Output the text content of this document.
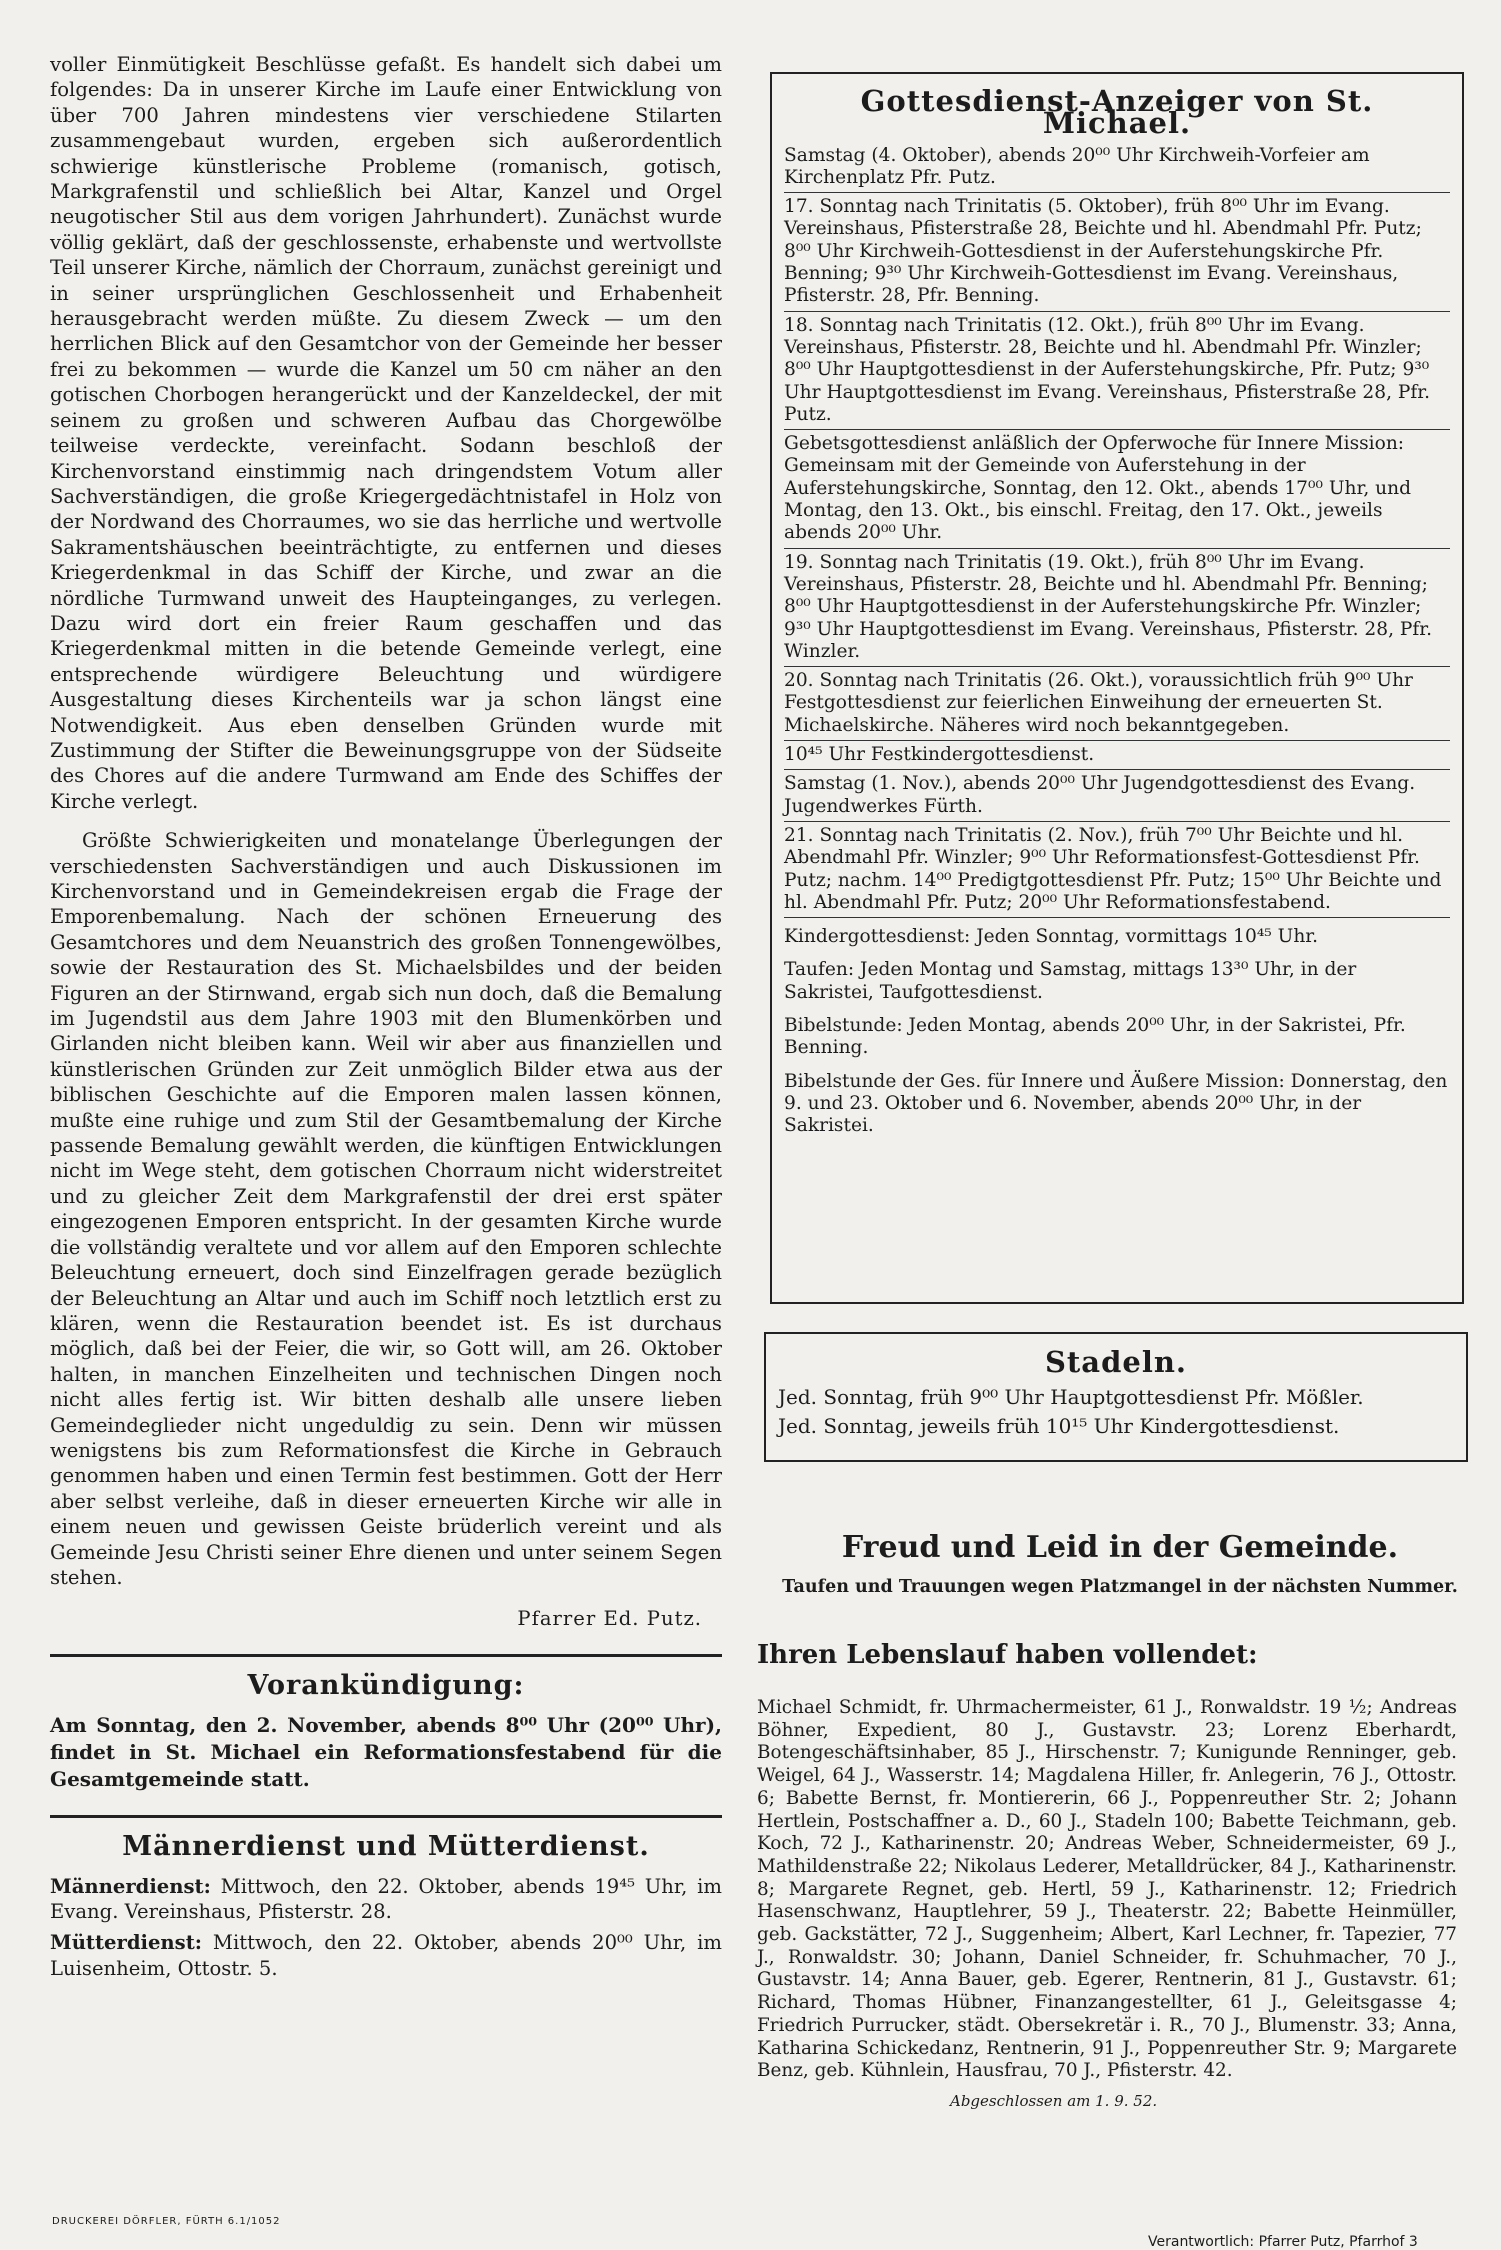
voller Einmütigkeit Beschlüsse gefaßt. Es handelt sich dabei um folgendes: Da in unserer Kirche im Laufe einer Entwicklung von über 700 Jahren mindestens vier verschiedene Stilarten zusammengebaut wurden, ergeben sich außerordentlich schwierige künstlerische Probleme (romanisch, gotisch, Markgrafenstil und schließlich bei Altar, Kanzel und Orgel neugotischer Stil aus dem vorigen Jahrhundert). Zunächst wurde völlig geklärt, daß der geschlossenste, erhabenste und wertvollste Teil unserer Kirche, nämlich der Chorraum, zunächst gereinigt und in seiner ursprünglichen Geschlossenheit und Erhabenheit herausgebracht werden müßte. Zu diesem Zweck — um den herrlichen Blick auf den Gesamtchor von der Gemeinde her besser frei zu bekommen — wurde die Kanzel um 50 cm näher an den gotischen Chorbogen herangerückt und der Kanzeldeckel, der mit seinem zu großen und schweren Aufbau das Chorgewölbe teilweise verdeckte, vereinfacht. Sodann beschloß der Kirchenvorstand einstimmig nach dringendstem Votum aller Sachverständigen, die große Kriegergedächtnistafel in Holz von der Nordwand des Chorraumes, wo sie das herrliche und wertvolle Sakramentshäuschen beeinträchtigte, zu entfernen und dieses Kriegerdenkmal in das Schiff der Kirche, und zwar an die nördliche Turmwand unweit des Haupteinganges, zu verlegen. Dazu wird dort ein freier Raum geschaffen und das Kriegerdenkmal mitten in die betende Gemeinde verlegt, eine entsprechende würdigere Beleuchtung und würdigere Ausgestaltung dieses Kirchenteils war ja schon längst eine Notwendigkeit. Aus eben denselben Gründen wurde mit Zustimmung der Stifter die Beweinungsgruppe von der Südseite des Chores auf die andere Turmwand am Ende des Schiffes der Kirche verlegt.

Größte Schwierigkeiten und monatelange Überlegungen der verschiedensten Sachverständigen und auch Diskussionen im Kirchenvorstand und in Gemeindekreisen ergab die Frage der Emporenbemalung. Nach der schönen Erneuerung des Gesamtchores und dem Neuanstrich des großen Tonnengewölbes, sowie der Restauration des St. Michaelsbildes und der beiden Figuren an der Stirnwand, ergab sich nun doch, daß die Bemalung im Jugendstil aus dem Jahre 1903 mit den Blumenkörben und Girlanden nicht bleiben kann. Weil wir aber aus finanziellen und künstlerischen Gründen zur Zeit unmöglich Bilder etwa aus der biblischen Geschichte auf die Emporen malen lassen können, mußte eine ruhige und zum Stil der Gesamtbemalung der Kirche passende Bemalung gewählt werden, die künftigen Entwicklungen nicht im Wege steht, dem gotischen Chorraum nicht widerstreitet und zu gleicher Zeit dem Markgrafenstil der drei erst später eingezogenen Emporen entspricht. In der gesamten Kirche wurde die vollständig veraltete und vor allem auf den Emporen schlechte Beleuchtung erneuert, doch sind Einzelfragen gerade bezüglich der Beleuchtung an Altar und auch im Schiff noch letztlich erst zu klären, wenn die Restauration beendet ist. Es ist durchaus möglich, daß bei der Feier, die wir, so Gott will, am 26. Oktober halten, in manchen Einzelheiten und technischen Dingen noch nicht alles fertig ist. Wir bitten deshalb alle unsere lieben Gemeindeglieder nicht ungeduldig zu sein. Denn wir müssen wenigstens bis zum Reformationsfest die Kirche in Gebrauch genommen haben und einen Termin fest bestimmen. Gott der Herr aber selbst verleihe, daß in dieser erneuerten Kirche wir alle in einem neuen und gewissen Geiste brüderlich vereint und als Gemeinde Jesu Christi seiner Ehre dienen und unter seinem Segen stehen.

Pfarrer Ed. Putz.
Vorankündigung:
Am Sonntag, den 2. November, abends 8⁰⁰ Uhr (20⁰⁰ Uhr), findet in St. Michael ein Reformationsfestabend für die Gesamtgemeinde statt.
Männerdienst und Mütterdienst.
Männerdienst: Mittwoch, den 22. Oktober, abends 19⁴⁵ Uhr, im Evang. Vereinshaus, Pfisterstr. 28.
Mütterdienst: Mittwoch, den 22. Oktober, abends 20⁰⁰ Uhr, im Luisenheim, Ottostr. 5.
Gottesdienst-Anzeiger von St. Michael.
Samstag (4. Oktober), abends 20⁰⁰ Uhr Kirchweih-Vorfeier am Kirchenplatz Pfr. Putz.
17. Sonntag nach Trinitatis (5. Oktober), früh 8⁰⁰ Uhr im Evang. Vereinshaus, Pfisterstraße 28, Beichte und hl. Abendmahl Pfr. Putz; 8⁰⁰ Uhr Kirchweih-Gottesdienst in der Auferstehungskirche Pfr. Benning; 9³⁰ Uhr Kirchweih-Gottesdienst im Evang. Vereinshaus, Pfisterstr. 28, Pfr. Benning.
18. Sonntag nach Trinitatis (12. Okt.), früh 8⁰⁰ Uhr im Evang. Vereinshaus, Pfisterstr. 28, Beichte und hl. Abendmahl Pfr. Winzler; 8⁰⁰ Uhr Hauptgottesdienst in der Auferstehungskirche, Pfr. Putz; 9³⁰ Uhr Hauptgottesdienst im Evang. Vereinshaus, Pfisterstraße 28, Pfr. Putz.
Gebetsgottesdienst anläßlich der Opferwoche für Innere Mission: Gemeinsam mit der Gemeinde von Auferstehung in der Auferstehungskirche, Sonntag, den 12. Okt., abends 17⁰⁰ Uhr, und Montag, den 13. Okt., bis einschl. Freitag, den 17. Okt., jeweils abends 20⁰⁰ Uhr.
19. Sonntag nach Trinitatis (19. Okt.), früh 8⁰⁰ Uhr im Evang. Vereinshaus, Pfisterstr. 28, Beichte und hl. Abendmahl Pfr. Benning; 8⁰⁰ Uhr Hauptgottesdienst in der Auferstehungskirche Pfr. Winzler; 9³⁰ Uhr Hauptgottesdienst im Evang. Vereinshaus, Pfisterstr. 28, Pfr. Winzler.
20. Sonntag nach Trinitatis (26. Okt.), voraussichtlich früh 9⁰⁰ Uhr Festgottesdienst zur feierlichen Einweihung der erneuerten St. Michaelskirche. Näheres wird noch bekanntgegeben.
10⁴⁵ Uhr Festkindergottesdienst.
Samstag (1. Nov.), abends 20⁰⁰ Uhr Jugendgottesdienst des Evang. Jugendwerkes Fürth.
21. Sonntag nach Trinitatis (2. Nov.), früh 7⁰⁰ Uhr Beichte und hl. Abendmahl Pfr. Winzler; 9⁰⁰ Uhr Reformationsfest-Gottesdienst Pfr. Putz; nachm. 14⁰⁰ Predigtgottesdienst Pfr. Putz; 15⁰⁰ Uhr Beichte und hl. Abendmahl Pfr. Putz; 20⁰⁰ Uhr Reformationsfestabend.
Kindergottesdienst: Jeden Sonntag, vormittags 10⁴⁵ Uhr.
Taufen: Jeden Montag und Samstag, mittags 13³⁰ Uhr, in der Sakristei, Taufgottesdienst.
Bibelstunde: Jeden Montag, abends 20⁰⁰ Uhr, in der Sakristei, Pfr. Benning.
Bibelstunde der Ges. für Innere und Äußere Mission: Donnerstag, den 9. und 23. Oktober und 6. November, abends 20⁰⁰ Uhr, in der Sakristei.
Stadeln.
Jed. Sonntag, früh 9⁰⁰ Uhr Hauptgottesdienst Pfr. Mößler.
Jed. Sonntag, jeweils früh 10¹⁵ Uhr Kindergottesdienst.
Freud und Leid in der Gemeinde.
Taufen und Trauungen wegen Platzmangel in der nächsten Nummer.
Ihren Lebenslauf haben vollendet:
Michael Schmidt, fr. Uhrmachermeister, 61 J., Ronwaldstr. 19 ½; Andreas Böhner, Expedient, 80 J., Gustavstr. 23; Lorenz Eberhardt, Botengeschäftsinhaber, 85 J., Hirschenstr. 7; Kunigunde Renninger, geb. Weigel, 64 J., Wasserstr. 14; Magdalena Hiller, fr. Anlegerin, 76 J., Ottostr. 6; Babette Bernst, fr. Montiererin, 66 J., Poppenreuther Str. 2; Johann Hertlein, Postschaffner a. D., 60 J., Stadeln 100; Babette Teichmann, geb. Koch, 72 J., Katharinenstr. 20; Andreas Weber, Schneidermeister, 69 J., Mathildenstraße 22; Nikolaus Lederer, Metalldrücker, 84 J., Katharinenstr. 8; Margarete Regnet, geb. Hertl, 59 J., Katharinenstr. 12; Friedrich Hasenschwanz, Hauptlehrer, 59 J., Theaterstr. 22; Babette Heinmüller, geb. Gackstätter, 72 J., Suggenheim; Albert, Karl Lechner, fr. Tapezier, 77 J., Ronwaldstr. 30; Johann, Daniel Schneider, fr. Schuhmacher, 70 J., Gustavstr. 14; Anna Bauer, geb. Egerer, Rentnerin, 81 J., Gustavstr. 61; Richard, Thomas Hübner, Finanzangestellter, 61 J., Geleitsgasse 4; Friedrich Purrucker, städt. Obersekretär i. R., 70 J., Blumenstr. 33; Anna, Katharina Schickedanz, Rentnerin, 91 J., Poppenreuther Str. 9; Margarete Benz, geb. Kühnlein, Hausfrau, 70 J., Pfisterstr. 42.
Abgeschlossen am 1. 9. 52.
DRUCKEREI DÖRFLER, FÜRTH 6.1/1052
Verantwortlich: Pfarrer Putz, Pfarrhof 3
